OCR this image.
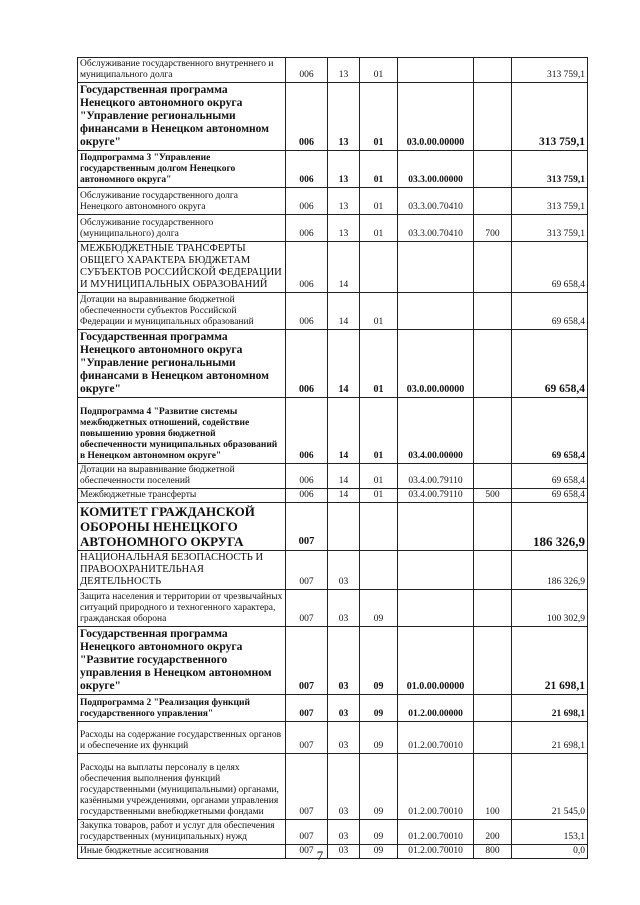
Обслуживание государственного внутреннего и муниципального долга	006	13	01			313 759,1
Государственная программа Ненецкого автономного округа "Управление региональными финансами в Ненецком автономном округе"	006	13	01	03.0.00.00000		313 759,1
Подпрограмма 3 "Управление государственным долгом Ненецкого автономного округа"	006	13	01	03.3.00.00000		313 759,1
Обслуживание государственного долга Ненецкого автономного округа	006	13	01	03.3.00.70410		313 759,1
Обслуживание государственного (муниципального) долга	006	13	01	03.3.00.70410	700	313 759,1
МЕЖБЮДЖЕТНЫЕ ТРАНСФЕРТЫ ОБЩЕГО ХАРАКТЕРА БЮДЖЕТАМ СУБЪЕКТОВ РОССИЙСКОЙ ФЕДЕРАЦИИ И МУНИЦИПАЛЬНЫХ ОБРАЗОВАНИЙ	006	14				69 658,4
Дотации на выравнивание бюджетной обеспеченности субъектов Российской Федерации и муниципальных образований	006	14	01			69 658,4
Государственная программа Ненецкого автономного округа "Управление региональными финансами в Ненецком автономном округе"	006	14	01	03.0.00.00000		69 658,4
Подпрограмма 4 "Развитие системы межбюджетных отношений, содействие повышению уровня бюджетной обеспеченности муниципальных образований в Ненецком автономном округе"	006	14	01	03.4.00.00000		69 658,4
Дотации на выравнивание бюджетной обеспеченности поселений	006	14	01	03.4.00.79110		69 658,4
Межбюджетные трансферты	006	14	01	03.4.00.79110	500	69 658,4
КОМИТЕТ ГРАЖДАНСКОЙ ОБОРОНЫ НЕНЕЦКОГО АВТОНОМНОГО ОКРУГА	007					186 326,9
НАЦИОНАЛЬНАЯ БЕЗОПАСНОСТЬ И ПРАВООХРАНИТЕЛЬНАЯ ДЕЯТЕЛЬНОСТЬ	007	03				186 326,9
Защита населения и территории от чрезвычайных ситуаций природного и техногенного характера, гражданская оборона	007	03	09			100 302,9
Государственная программа Ненецкого автономного округа "Развитие государственного управления в Ненецком автономном округе"	007	03	09	01.0.00.00000		21 698,1
Подпрограмма 2 "Реализация функций государственного управления"	007	03	09	01.2.00.00000		21 698,1
Расходы на содержание государственных органов и обеспечение их функций	007	03	09	01.2.00.70010		21 698,1
Расходы на выплаты персоналу в целях обеспечения выполнения функций государственными (муниципальными) органами, казёнными учреждениями, органами управления государственными внебюджетными фондами	007	03	09	01.2.00.70010	100	21 545,0
Закупка товаров, работ и услуг для обеспечения государственных (муниципальных) нужд	007	03	09	01.2.00.70010	200	153,1
Иные бюджетные ассигнования	007	03	09	01.2.00.70010	800	0,0
7
